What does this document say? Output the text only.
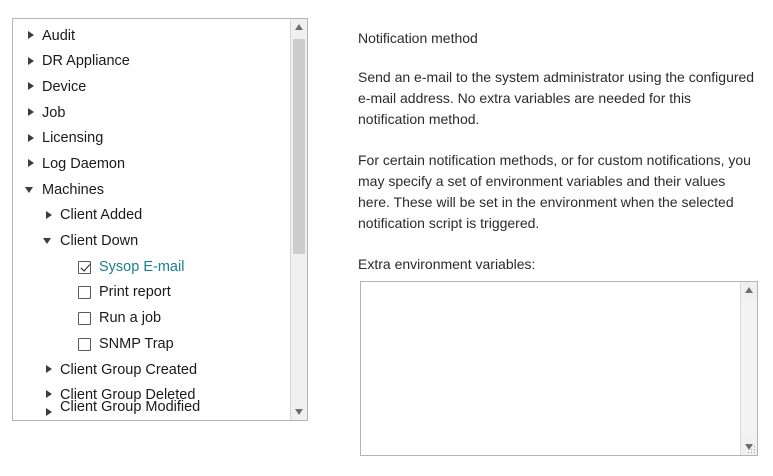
Audit
DR Appliance
Device
Job
Licensing
Log Daemon
Machines
Client Added
Client Down
Sysop E-mail
Print report
Run a job
SNMP Trap
Client Group Created
Client Group Deleted
Client Group Modified

Notification method

Send an e-mail to the system administrator using the configured e-mail address. No extra variables are needed for this notification method.

For certain notification methods, or for custom notifications, you may specify a set of environment variables and their values here. These will be set in the environment when the selected notification script is triggered.

Extra environment variables:
